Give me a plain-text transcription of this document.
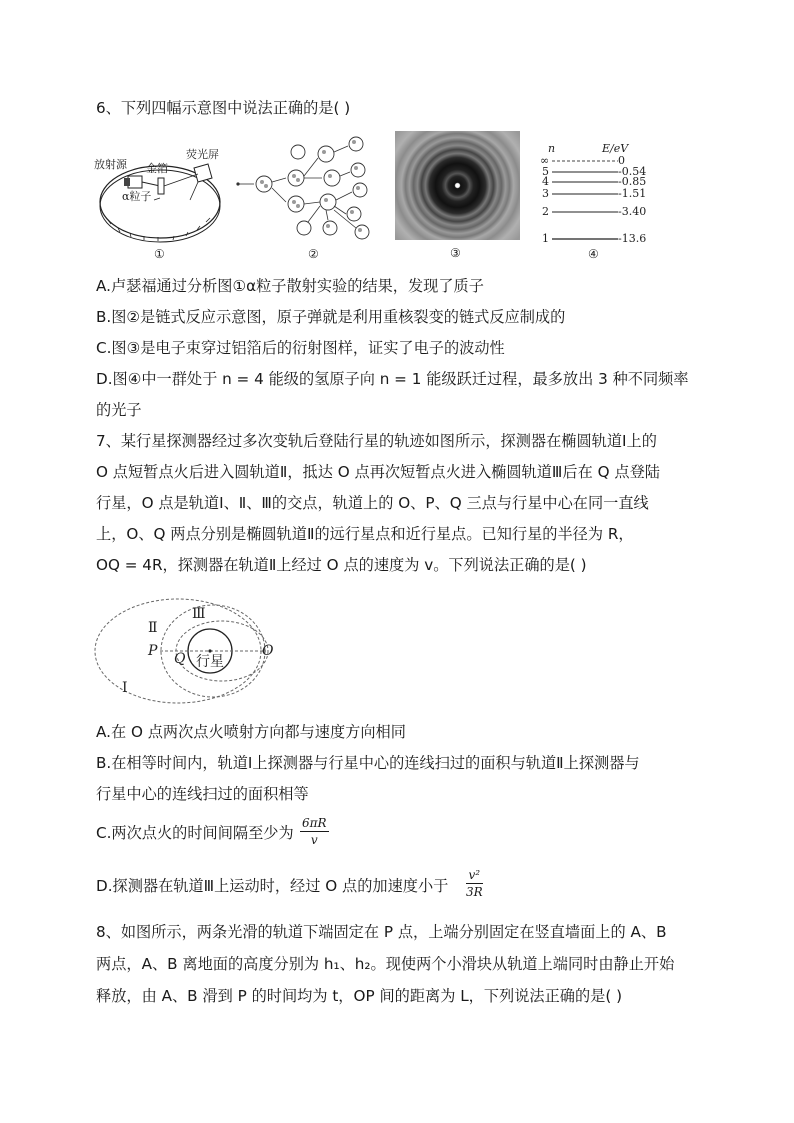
6、下列四幅示意图中说法正确的是( )
放射源 金箔
荧光屏
α粒子
①	②	③
n	E/eV
∞	0
5	-0.54
4	-0.85
3	-1.51
2	-3.40
1	-13.6
④
A.卢瑟福通过分析图①α粒子散射实验的结果，发现了质子
B.图②是链式反应示意图，原子弹就是利用重核裂变的链式反应制成的
C.图③是电子束穿过铝箔后的衍射图样，证实了电子的波动性
D.图④中一群处于 n = 4 能级的氢原子向 n = 1 能级跃迁过程，最多放出 3 种不同频率
的光子
7、某行星探测器经过多次变轨后登陆行星的轨迹如图所示，探测器在椭圆轨道Ⅰ上的
O 点短暂点火后进入圆轨道Ⅱ，抵达 O 点再次短暂点火进入椭圆轨道Ⅲ后在 Q 点登陆
行星，O 点是轨道Ⅰ、Ⅱ、Ⅲ的交点，轨道上的 O、P、Q 三点与行星中心在同一直线
上，O、Q 两点分别是椭圆轨道Ⅱ的远行星点和近行星点。已知行星的半径为 R，
OQ = 4R，探测器在轨道Ⅱ上经过 O 点的速度为 v。下列说法正确的是( )
Ⅱ
Ⅲ
Ⅰ
P Q	O
行星
A.在 O 点两次点火喷射方向都与速度方向相同
B.在相等时间内，轨道Ⅰ上探测器与行星中心的连线扫过的面积与轨道Ⅱ上探测器与
行星中心的连线扫过的面积相等
C.两次点火的时间间隔至少为 $\frac{6\pi R}{v}$
D.探测器在轨道Ⅲ上运动时，经过 O 点的加速度小于 $\frac{\text{v²}}{3R}$
8、如图所示，两条光滑的轨道下端固定在 P 点，上端分别固定在竖直墙面上的 A、B
两点，A、B 离地面的高度分别为 h₁、h₂。现使两个小滑块从轨道上端同时由静止开始
释放，由 A、B 滑到 P 的时间均为 t，OP 间的距离为 L，下列说法正确的是( )
